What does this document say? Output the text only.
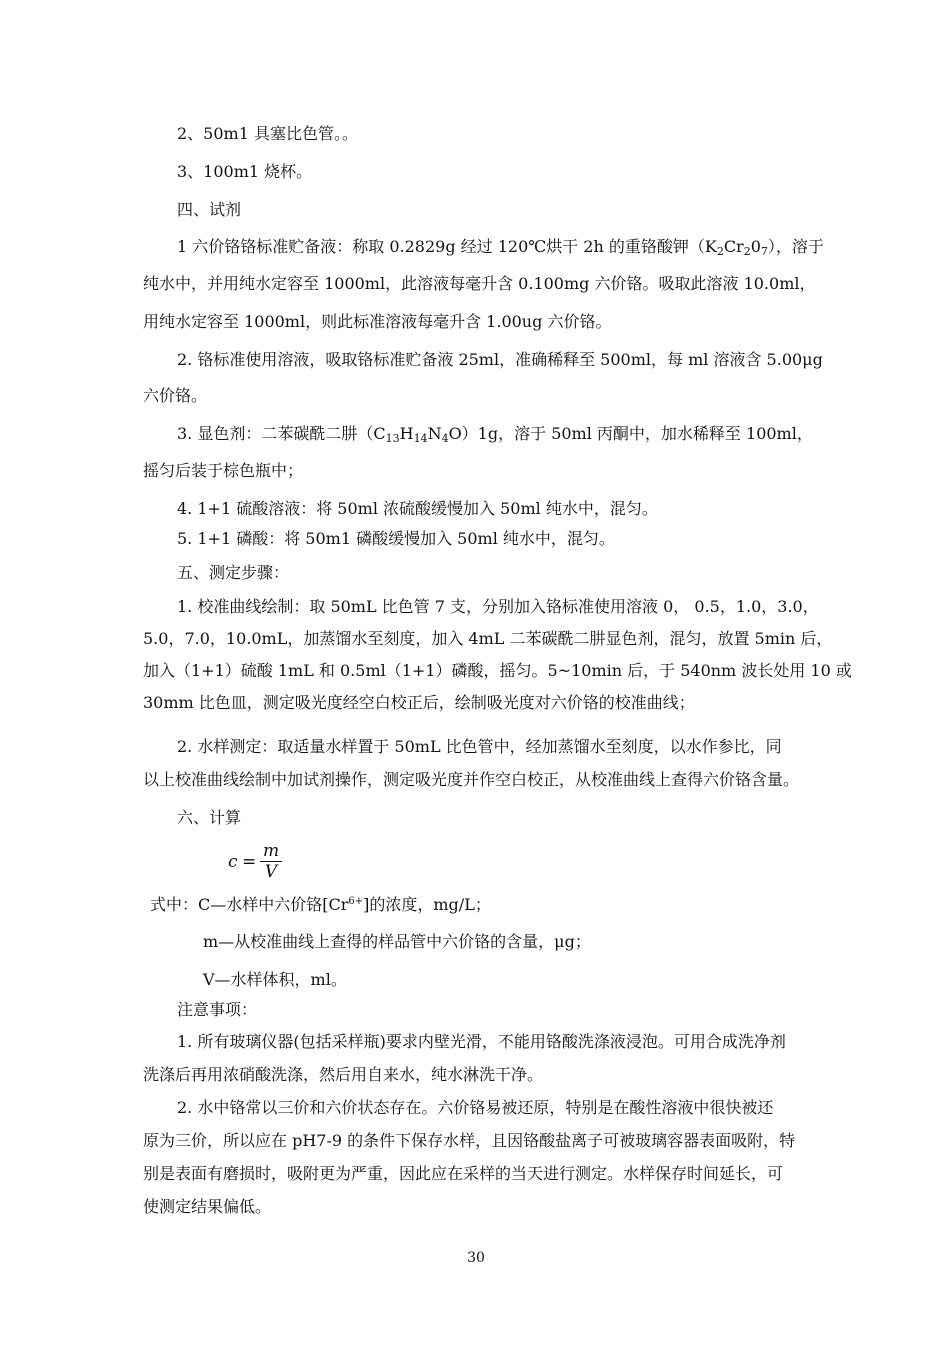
2、50m1 具塞比色管。。
3、100m1 烧杯。
四、试剂
1 六价铬铬标准贮备液：称取 0.2829g 经过 120℃烘干 2h 的重铬酸钾$(K_2Cr_20_7)$，溶于
纯水中，并用纯水定容至 1000ml，此溶液每毫升含 0.100mg 六价铬。吸取此溶液 10.0ml，
用纯水定容至 1000ml，则此标准溶液每毫升含 1.00ug 六价铬。
2. 铬标准使用溶液，吸取铬标准贮备液 25ml，准确稀释至 500ml，每 ml 溶液含 5.00μg
六价铬。
3. 显色剂：二苯碳酰二肼$(C_{13}H_{14}N_4O)1g$，溶于 50ml 丙酮中，加水稀释至 100ml，
摇匀后装于棕色瓶中；
4. 1+1 硫酸溶液：将 50ml 浓硫酸缓慢加入 50ml 纯水中，混匀。
5. 1+1 磷酸：将 50m1 磷酸缓慢加入 50ml 纯水中，混匀。
五、测定步骤：
1. 校准曲线绘制：取 50mL 比色管 7 支，分别加入铬标准使用溶液 0， 0.5，1.0，3.0，
5.0，7.0，10.0mL，加蒸馏水至刻度，加入 4mL 二苯碳酰二肼显色剂，混匀，放置 5min 后，
加入（1+1）硫酸 1mL 和 0.5ml（1+1）磷酸，摇匀。5~10min 后，于 540nm 波长处用 10 或
30mm 比色皿，测定吸光度经空白校正后，绘制吸光度对六价铬的校准曲线；
2. 水样测定：取适量水样置于 50mL 比色管中，经加蒸馏水至刻度，以水作参比，同
以上校准曲线绘制中加试剂操作，测定吸光度并作空白校正，从校准曲线上查得六价铬含量。
六、计算
c =
m
V
式中：C—水样中六价铬$[Cr^{6+}]$的浓度，mg/L；
m—从校准曲线上查得的样品管中六价铬的含量，μg；
V—水样体积，ml。
注意事项：
1. 所有玻璃仪器(包括采样瓶)要求内壁光滑，不能用铬酸洗涤液浸泡。可用合成洗净剂
洗涤后再用浓硝酸洗涤，然后用自来水，纯水淋洗干净。
2. 水中铬常以三价和六价状态存在。六价铬易被还原，特别是在酸性溶液中很快被还
原为三价，所以应在 pH7-9 的条件下保存水样，且因铬酸盐离子可被玻璃容器表面吸附，特
别是表面有磨损时，吸附更为严重，因此应在采样的当天进行测定。水样保存时间延长，可
使测定结果偏低。
30
